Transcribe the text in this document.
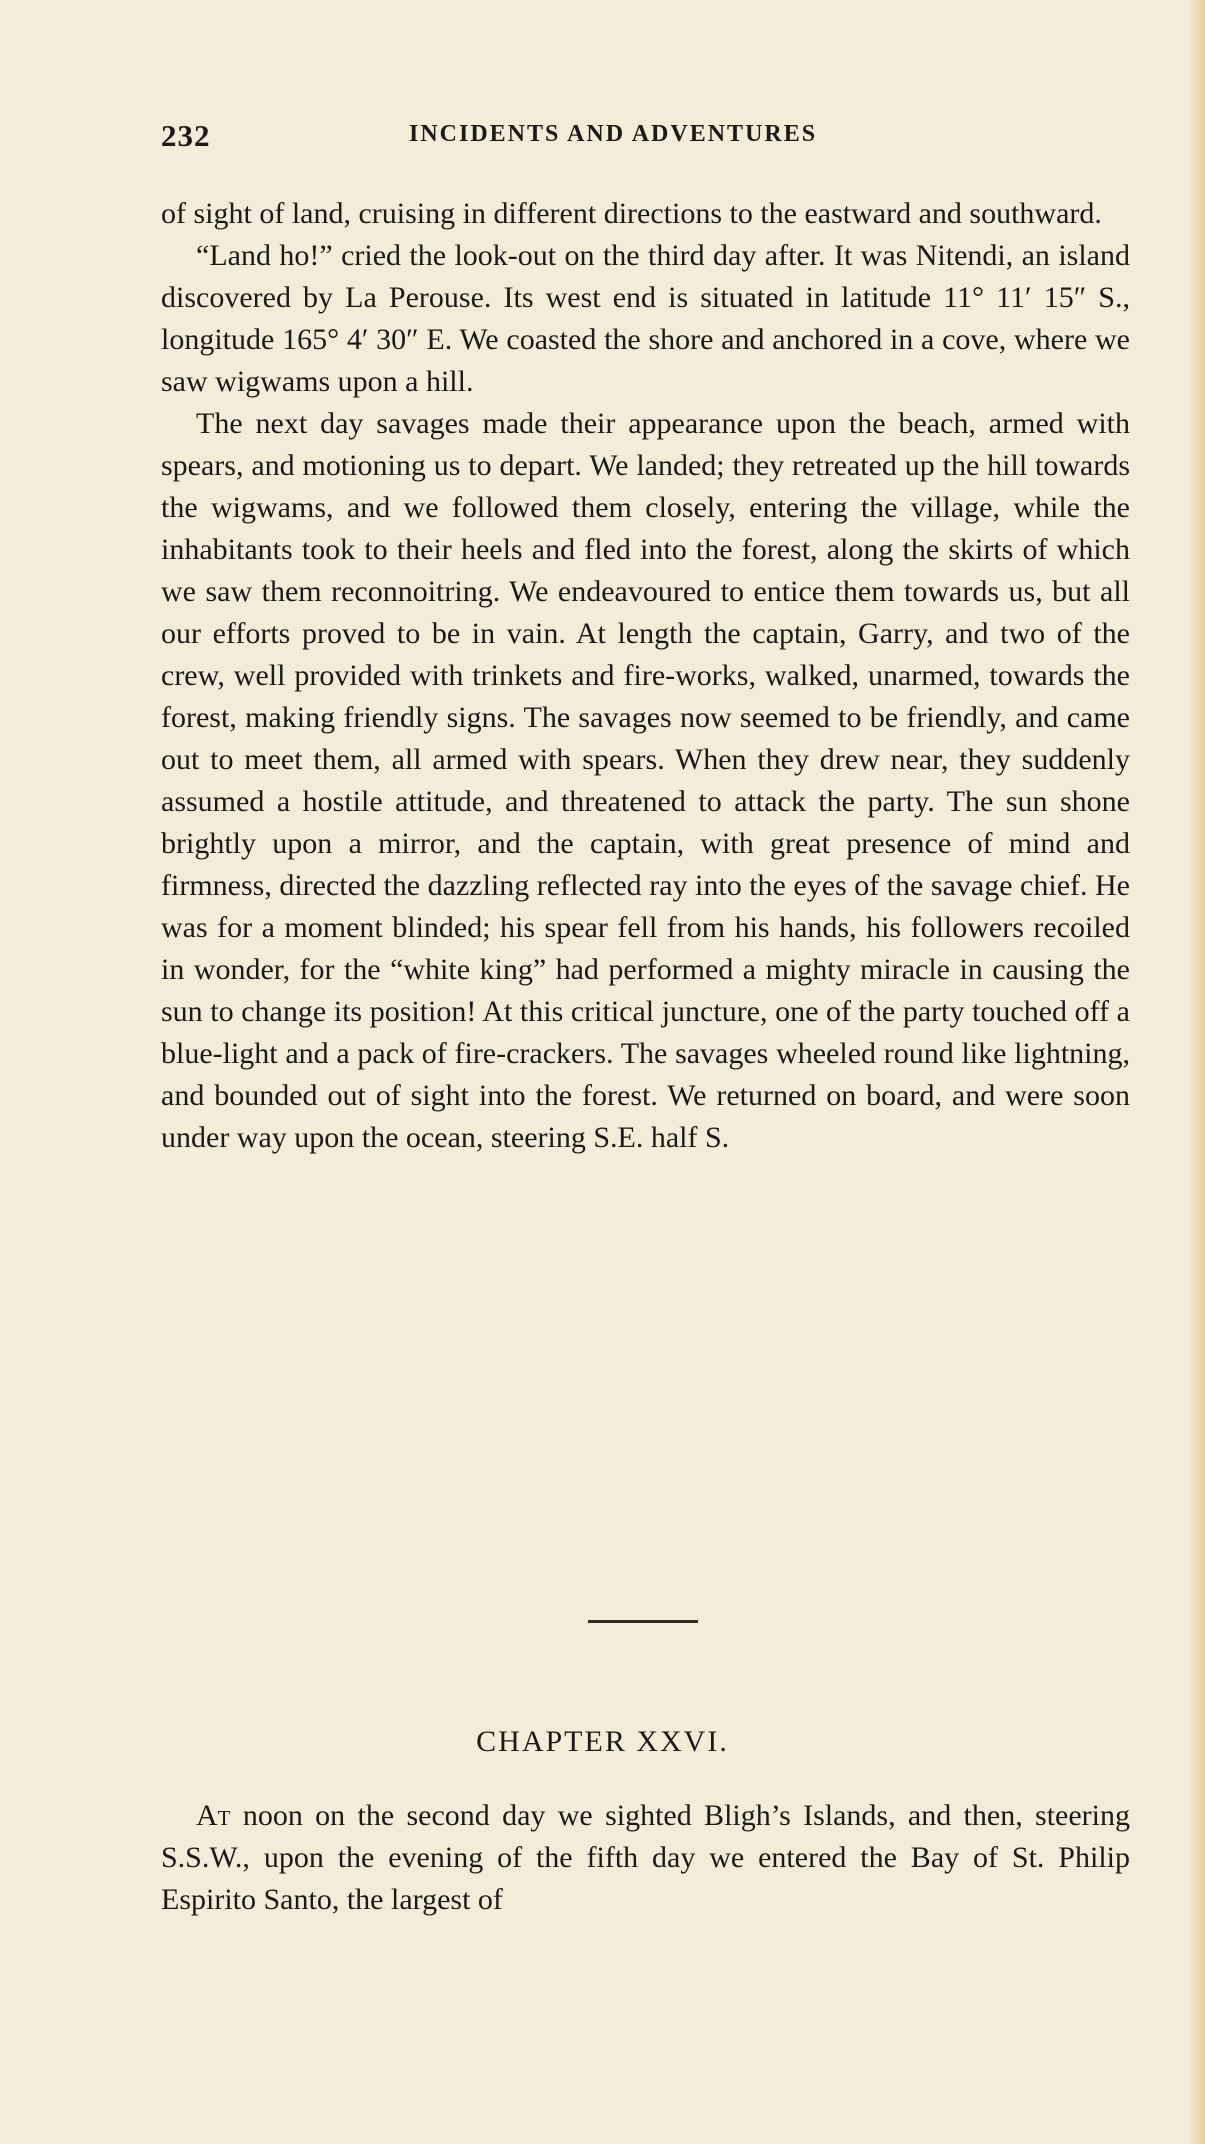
232	INCIDENTS AND ADVENTURES

of sight of land, cruising in different directions to the eastward and southward.

“Land ho!” cried the look-out on the third day after. It was Nitendi, an island discovered by La Perouse. Its west end is situated in latitude 11° 11′ 15″ S., longitude 165° 4′ 30″ E. We coasted the shore and anchored in a cove, where we saw wigwams upon a hill.

The next day savages made their appearance upon the beach, armed with spears, and motioning us to depart. We landed; they retreated up the hill towards the wigwams, and we followed them closely, entering the village, while the inhabitants took to their heels and fled into the forest, along the skirts of which we saw them reconnoitring. We endeavoured to entice them towards us, but all our efforts proved to be in vain. At length the captain, Garry, and two of the crew, well provided with trinkets and fire-works, walked, unarmed, towards the forest, making friendly signs. The savages now seemed to be friendly, and came out to meet them, all armed with spears. When they drew near, they suddenly assumed a hostile attitude, and threatened to attack the party. The sun shone brightly upon a mirror, and the captain, with great presence of mind and firmness, directed the dazzling reflected ray into the eyes of the savage chief. He was for a moment blinded; his spear fell from his hands, his followers recoiled in wonder, for the “white king” had performed a mighty miracle in causing the sun to change its position! At this critical juncture, one of the party touched off a blue-light and a pack of fire-crackers. The savages wheeled round like lightning, and bounded out of sight into the forest. We returned on board, and were soon under way upon the ocean, steering S.E. half S.

CHAPTER XXVI.

At noon on the second day we sighted Bligh’s Islands, and then, steering S.S.W., upon the evening of the fifth day we entered the Bay of St. Philip Espirito Santo, the largest of
